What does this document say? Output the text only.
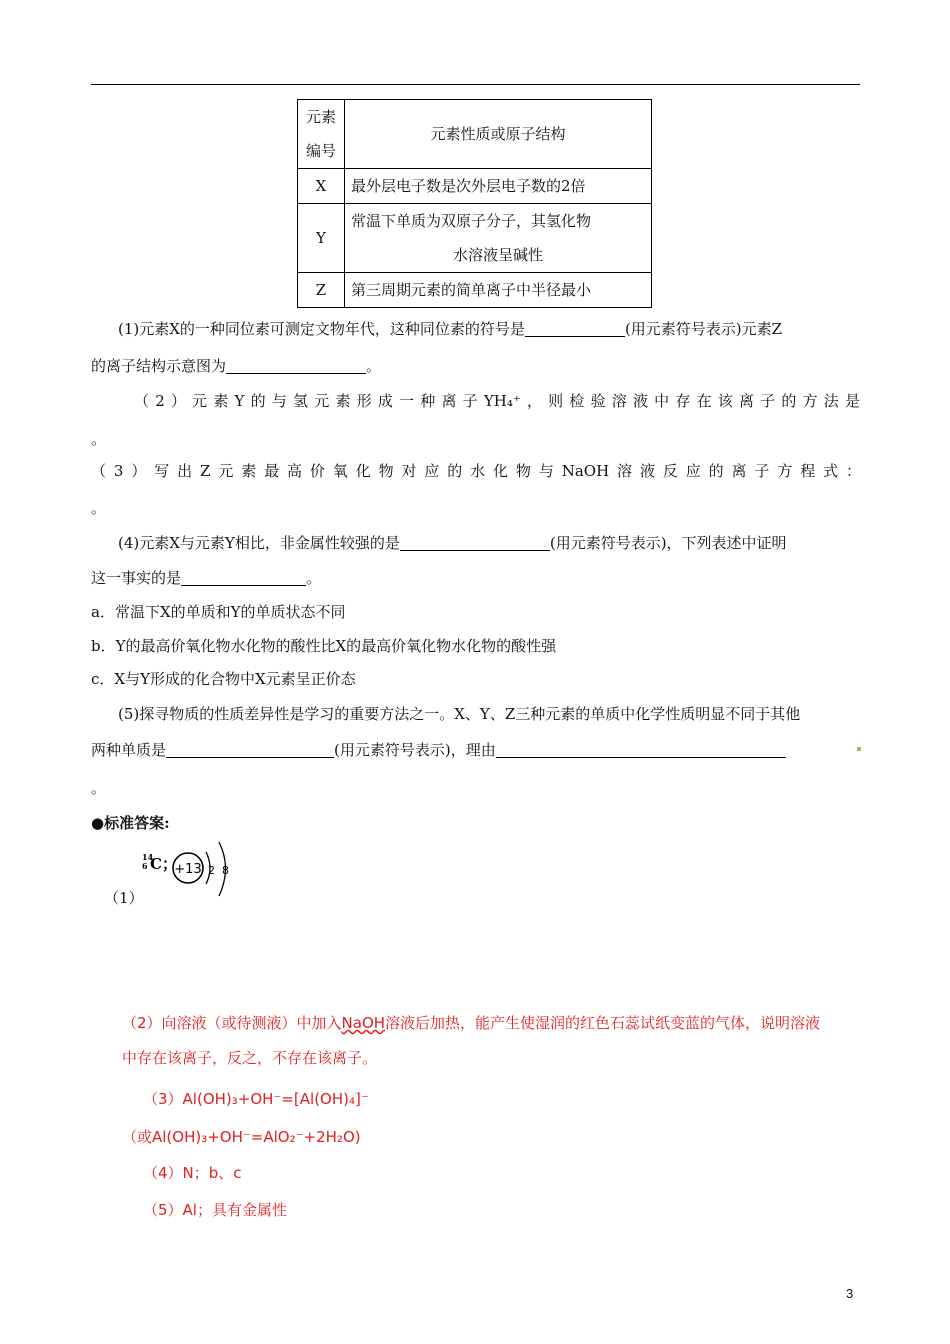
元素
编号	元素性质或原子结构
X	最外层电子数是次外层电子数的2倍
Y	常温下单质为双原子分子，其氢化物
水溶液呈碱性

Z	第三周期元素的简单离子中半径最小
(1)元素X的一种同位素可测定文物年代，这种同位素的符号是	(用元素符号表示)元素Z
的离子结构示意图为	。
（2）元素Y的与氢元素形成一种离子YH₄⁺，则检验溶液中存在该离子的方法是
。
（3）写出Z元素最高价氧化物对应的水化物与NaOH溶液反应的离子方程式：
。
(4)元素X与元素Y相比，非金属性较强的是	(用元素符号表示)，下列表述中证明
这一事实的是	。
a．常温下X的单质和Y的单质状态不同
b．Y的最高价氧化物水化物的酸性比X的最高价氧化物水化物的酸性强
c．X与Y形成的化合物中X元素呈正价态
(5)探寻物质的性质差异性是学习的重要方法之一。X、Y、Z三种元素的单质中化学性质明显不同于其他
两种单质是	(用元素符号表示)，理由
。
●标准答案:
14
6 C；
+13 2 8
（1）
（2）向溶液（或待测液）中加入NaOH溶液后加热，能产生使湿润的红色石蕊试纸变蓝的气体，说明溶液
中存在该离子，反之，不存在该离子。
（3）Al(OH)₃+OH⁻=[Al(OH)₄]⁻
（或Al(OH)₃+OH⁻=AlO₂⁻+2H₂O)
（4）N；b、c
（5）Al；具有金属性
3
